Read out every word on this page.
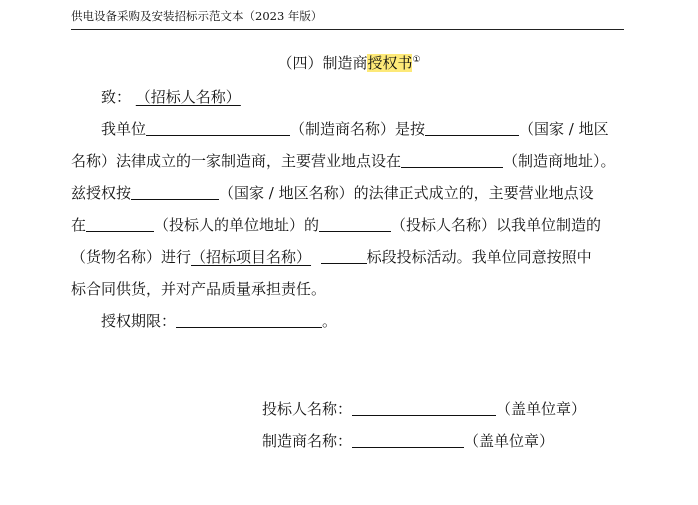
供电设备采购及安装招标示范文本（2023 年版）
（四）制造商授权书①
致： （招标人名称）
我单位	（制造商名称）是按	（国家 / 地区
名称）法律成立的一家制造商，主要营业地点设在	（制造商地址）。
兹授权按	（国家 / 地区名称）的法律正式成立的，主要营业地点设
在	（投标人的单位地址）的	（投标人名称）以我单位制造的
（货物名称）进行（招标项目名称）	标段投标活动。我单位同意按照中
标合同供货，并对产品质量承担责任。
授权期限：	。
投标人名称：	（盖单位章）
制造商名称：	（盖单位章）
